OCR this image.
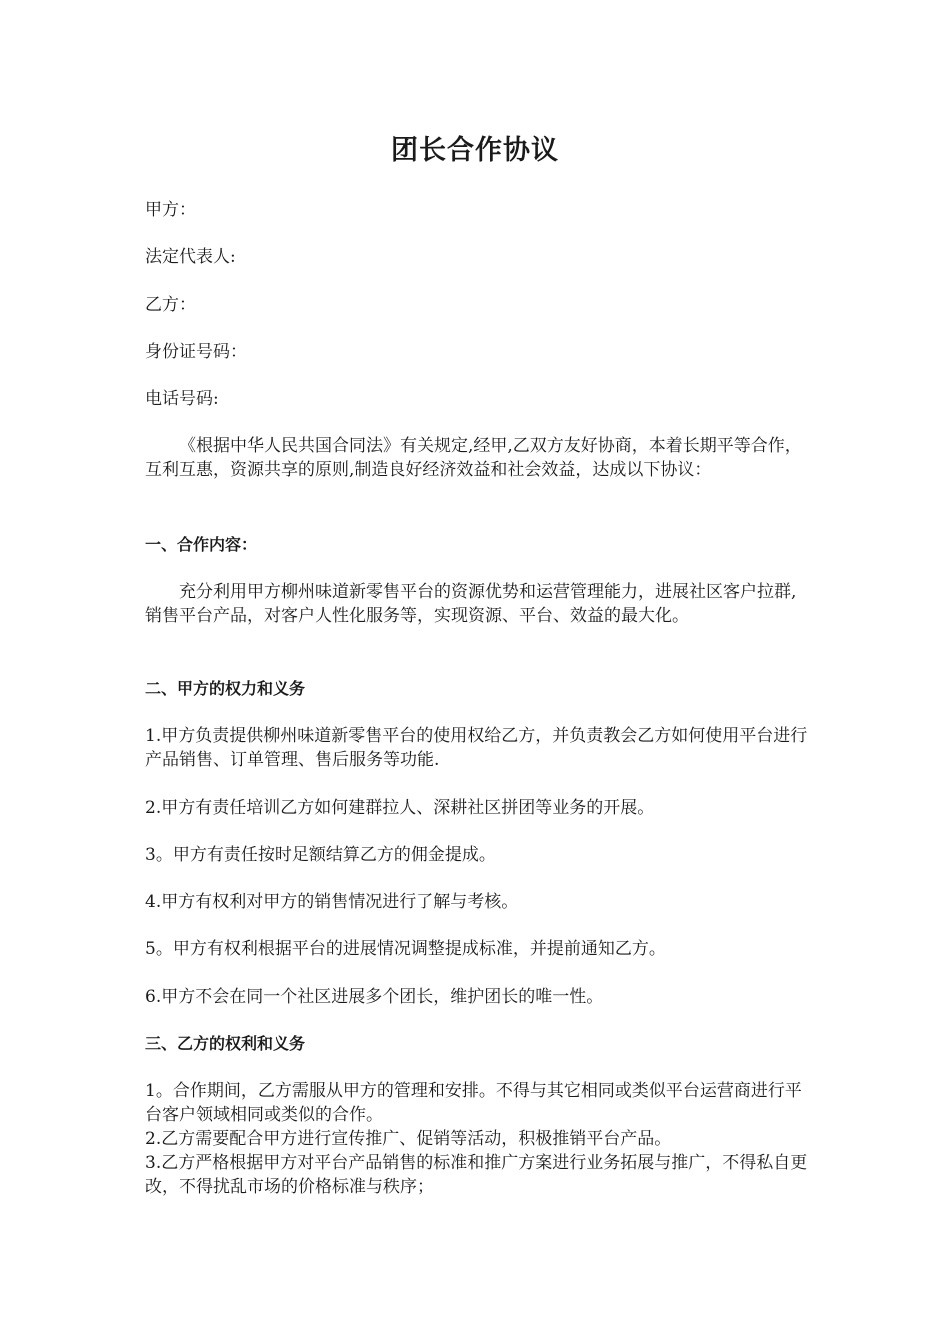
团长合作协议

甲方：

法定代表人:

乙方：

身份证号码：

电话号码:

《根据中华人民共国合同法》有关规定,经甲,乙双方友好协商，本着长期平等合作，互利互惠，资源共享的原则,制造良好经济效益和社会效益，达成以下协议：

一、合作内容：

充分利用甲方柳州味道新零售平台的资源优势和运营管理能力，进展社区客户拉群,销售平台产品，对客户人性化服务等，实现资源、平台、效益的最大化。

二、甲方的权力和义务

1.甲方负责提供柳州味道新零售平台的使用权给乙方，并负责教会乙方如何使用平台进行产品销售、订单管理、售后服务等功能.

2.甲方有责任培训乙方如何建群拉人、深耕社区拼团等业务的开展。

3。甲方有责任按时足额结算乙方的佣金提成。

4.甲方有权利对甲方的销售情况进行了解与考核。

5。甲方有权利根据平台的进展情况调整提成标准，并提前通知乙方。

6.甲方不会在同一个社区进展多个团长，维护团长的唯一性。

三、乙方的权利和义务

1。合作期间，乙方需服从甲方的管理和安排。不得与其它相同或类似平台运营商进行平台客户领域相同或类似的合作。

2.乙方需要配合甲方进行宣传推广、促销等活动，积极推销平台产品。

3.乙方严格根据甲方对平台产品销售的标准和推广方案进行业务拓展与推广，不得私自更改，不得扰乱市场的价格标准与秩序；
